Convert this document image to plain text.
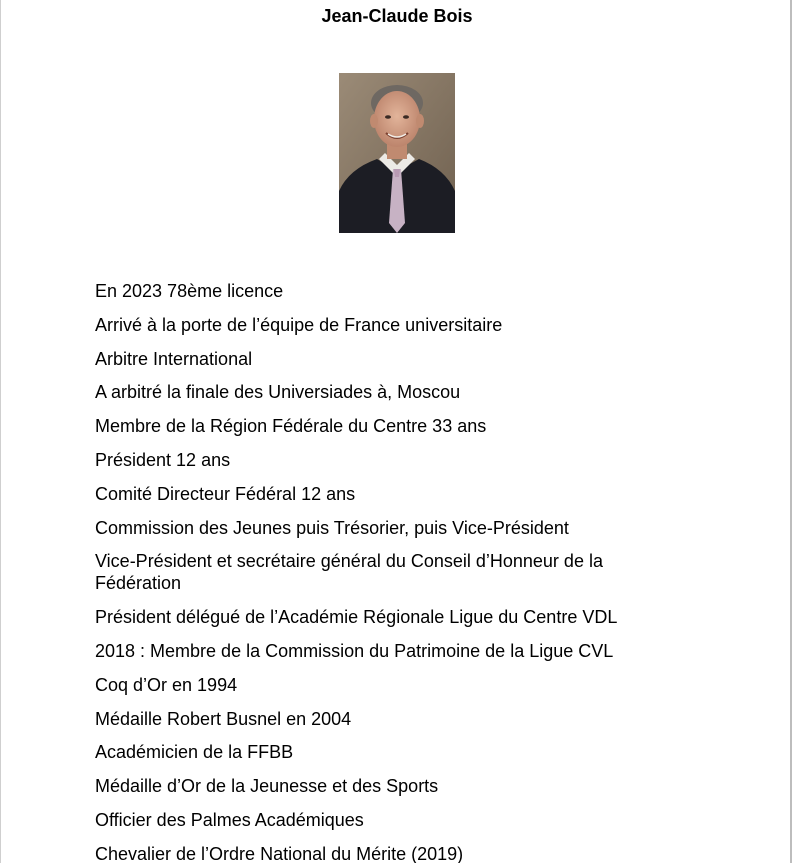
Jean-Claude Bois
En 2023 78ème licence
Arrivé à la porte de l’équipe de France universitaire
Arbitre International
A arbitré la finale des Universiades à, Moscou
Membre de la Région Fédérale du Centre 33 ans
Président 12 ans
Comité Directeur Fédéral 12 ans
Commission des Jeunes puis Trésorier, puis Vice-Président
Vice-Président et secrétaire général du Conseil d’Honneur de la Fédération
Président délégué de l’Académie Régionale Ligue du Centre VDL
2018 : Membre de la Commission du Patrimoine de la Ligue CVL
Coq d’Or en 1994
Médaille Robert Busnel en 2004
Académicien de la FFBB
Médaille d’Or de la Jeunesse et des Sports
Officier des Palmes Académiques
Chevalier de l’Ordre National du Mérite (2019)
